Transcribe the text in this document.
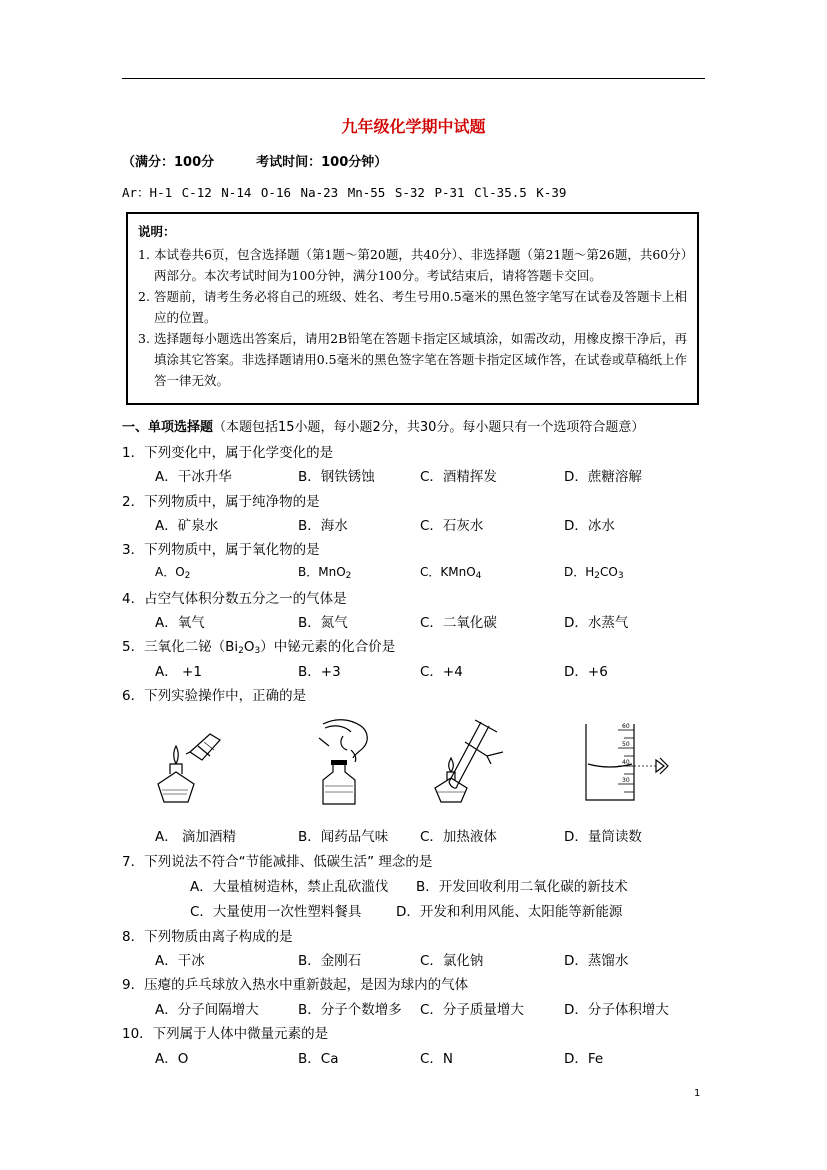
九年级化学期中试题
（满分：100分	考试时间：100分钟）
Ar：H-1 C-12 N-14 O-16 Na-23 Mn-55 S-32 P-31 Cl-35.5 K-39
说明：
1. 本试卷共6页，包含选择题（第1题～第20题，共40分）、非选择题（第21题～第26题，共60分）两部分。本次考试时间为100分钟，满分100分。考试结束后，请将答题卡交回。
2. 答题前，请考生务必将自己的班级、姓名、考生号用0.5毫米的黑色签字笔写在试卷及答题卡上相应的位置。
3. 选择题每小题选出答案后，请用2B铅笔在答题卡指定区域填涂，如需改动，用橡皮擦干净后，再填涂其它答案。非选择题请用0.5毫米的黑色签字笔在答题卡指定区域作答，在试卷或草稿纸上作答一律无效。
一、单项选择题（本题包括15小题，每小题2分，共30分。每小题只有一个选项符合题意）
1．下列变化中，属于化学变化的是
A．干冰升华	B．钢铁锈蚀	C．酒精挥发	D．蔗糖溶解
2．下列物质中，属于纯净物的是
A．矿泉水	B．海水	C．石灰水	D．冰水
3．下列物质中，属于氧化物的是
A．$O_2$	B．MnO$_2$	C．KMnO$_4$	D．$H_2CO_3$
4．占空气体积分数五分之一的气体是
A．氧气	B．氮气	C．二氧化碳	D．水蒸气
5．三氧化二铋$(Bi_2O_3)$中铋元素的化合价是
A． +1	B．+3	C．+4	D．+6
6．下列实验操作中，正确的是
60
50
40
30
A． 滴加酒精	B．闻药品气味 C．加热液体	D．量筒读数
7．下列说法不符合“节能减排、低碳生活” 理念的是
A．大量植树造林，禁止乱砍滥伐 B．开发回收利用二氧化碳的新技术
C．大量使用一次性塑料餐具	D．开发和利用风能、太阳能等新能源
8．下列物质由离子构成的是
A．干冰	B．金刚石	C．氯化钠	D．蒸馏水
9．压瘪的乒乓球放入热水中重新鼓起，是因为球内的气体
A．分子间隔增大	B．分子个数增多 C．分子质量增大	D．分子体积增大
10．下列属于人体中微量元素的是
A．O	B．Ca	C．N	D．Fe
1
